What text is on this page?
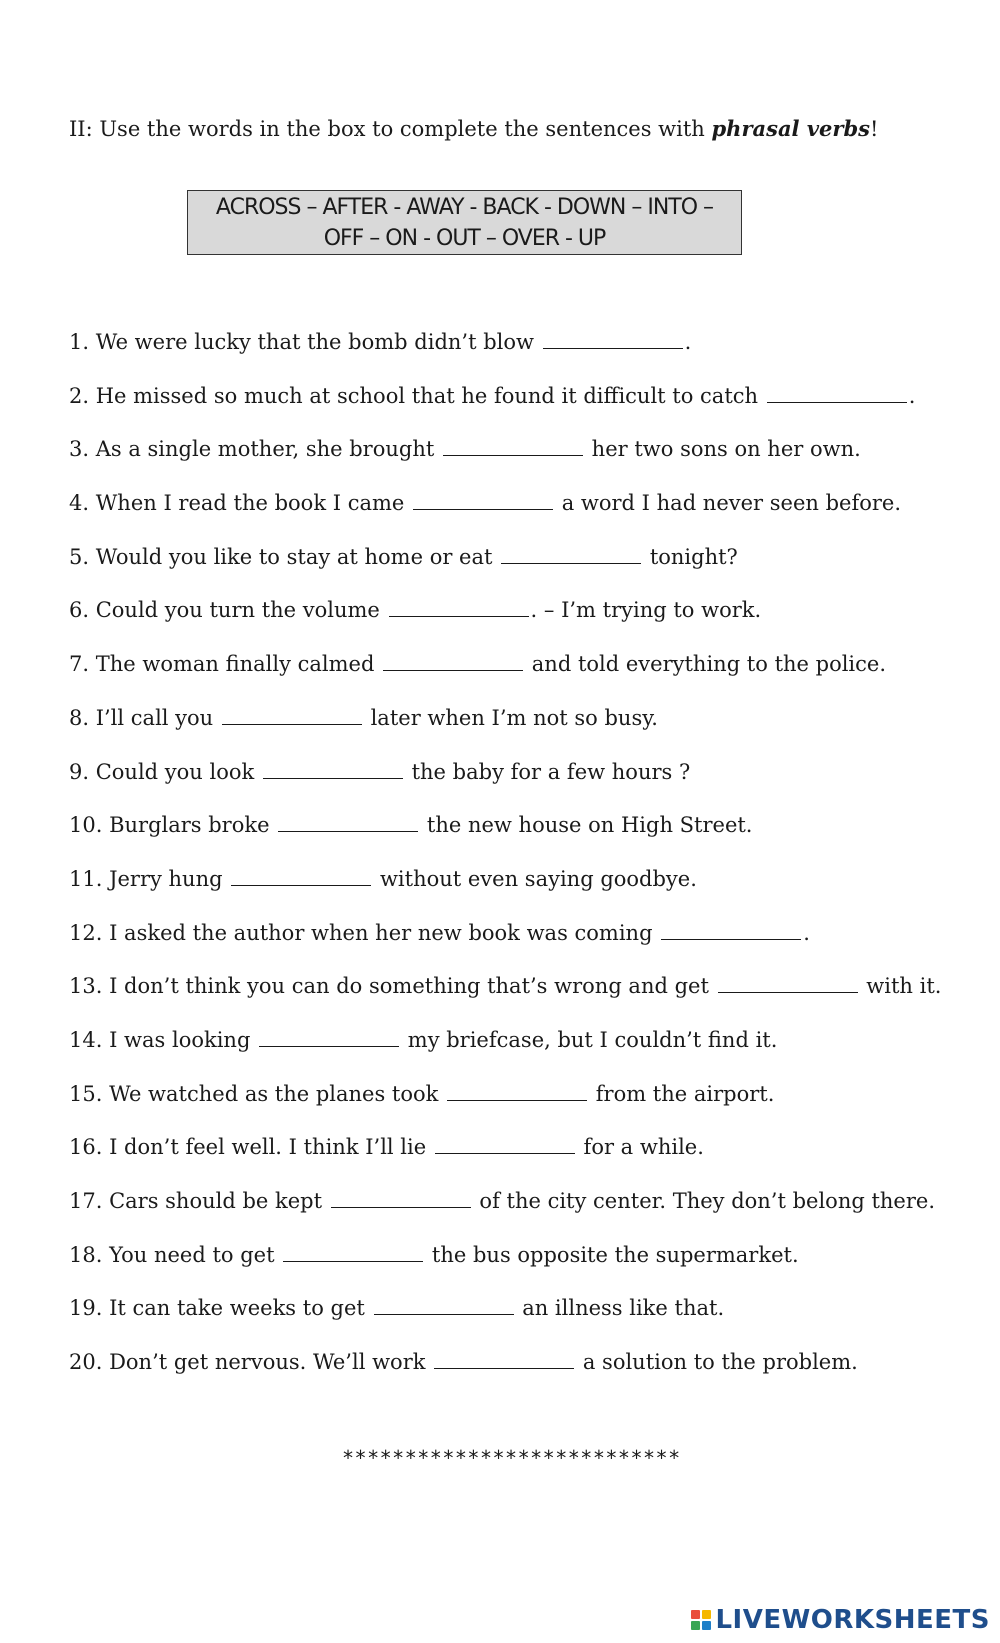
II: Use the words in the box to complete the sentences with phrasal verbs!
ACROSS – AFTER - AWAY - BACK - DOWN – INTO –
OFF – ON - OUT – OVER - UP
1. We were lucky that the bomb didn’t blow	.
2. He missed so much at school that he found it difficult to catch	.
3. As a single mother, she brought	her two sons on her own.
4. When I read the book I came	a word I had never seen before.
5. Would you like to stay at home or eat	tonight?
6. Could you turn the volume	. – I’m trying to work.
7. The woman finally calmed	and told everything to the police.
8. I’ll call you	later when I’m not so busy.
9. Could you look	the baby for a few hours ?
10. Burglars broke	the new house on High Street.
11. Jerry hung	without even saying goodbye.
12. I asked the author when her new book was coming	.
13. I don’t think you can do something that’s wrong and get	with it.
14. I was looking	my briefcase, but I couldn’t find it.
15. We watched as the planes took	from the airport.
16. I don’t feel well. I think I’ll lie	for a while.
17. Cars should be kept	of the city center. They don’t belong there.
18. You need to get	the bus opposite the supermarket.
19. It can take weeks to get	an illness like that.
20. Don’t get nervous. We’ll work	a solution to the problem.
***************************
LIVEWORKSHEETS
